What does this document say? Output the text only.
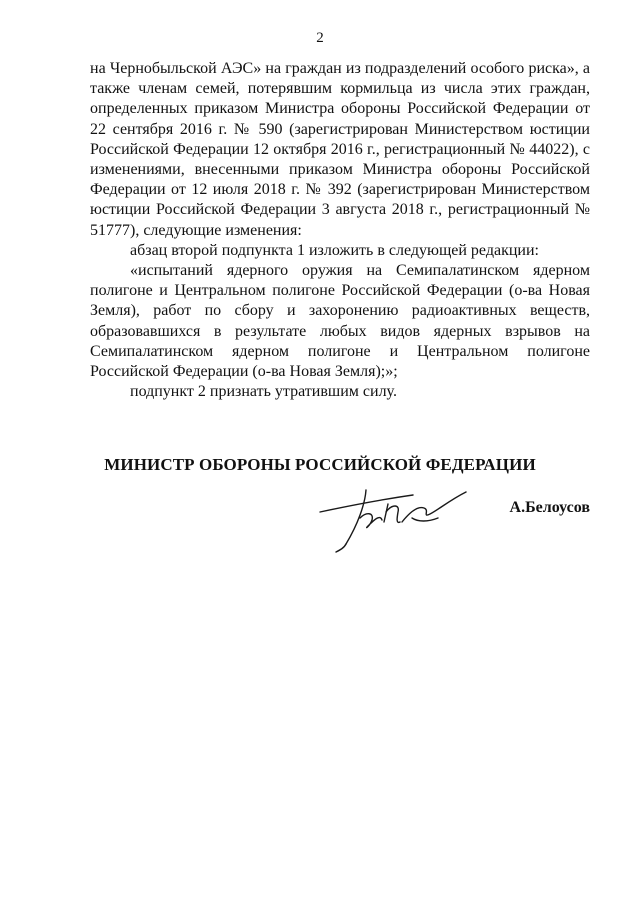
2

на Чернобыльской АЭС» на граждан из подразделений особого риска», а также членам семей, потерявшим кормильца из числа этих граждан, определенных приказом Министра обороны Российской Федерации от 22 сентября 2016 г. № 590 (зарегистрирован Министерством юстиции Российской Федерации 12 октября 2016 г., регистрационный № 44022), с изменениями, внесенными приказом Министра обороны Российской Федерации от 12 июля 2018 г. № 392 (зарегистрирован Министерством юстиции Российской Федерации 3 августа 2018 г., регистрационный № 51777), следующие изменения:

абзац второй подпункта 1 изложить в следующей редакции:

«испытаний ядерного оружия на Семипалатинском ядерном полигоне и Центральном полигоне Российской Федерации (о-ва Новая Земля), работ по сбору и захоронению радиоактивных веществ, образовавшихся в результате любых видов ядерных взрывов на Семипалатинском ядерном полигоне и Центральном полигоне Российской Федерации (о-ва Новая Земля);»;

подпункт 2 признать утратившим силу.

МИНИСТР ОБОРОНЫ РОССИЙСКОЙ ФЕДЕРАЦИИ
А.Белоусов
